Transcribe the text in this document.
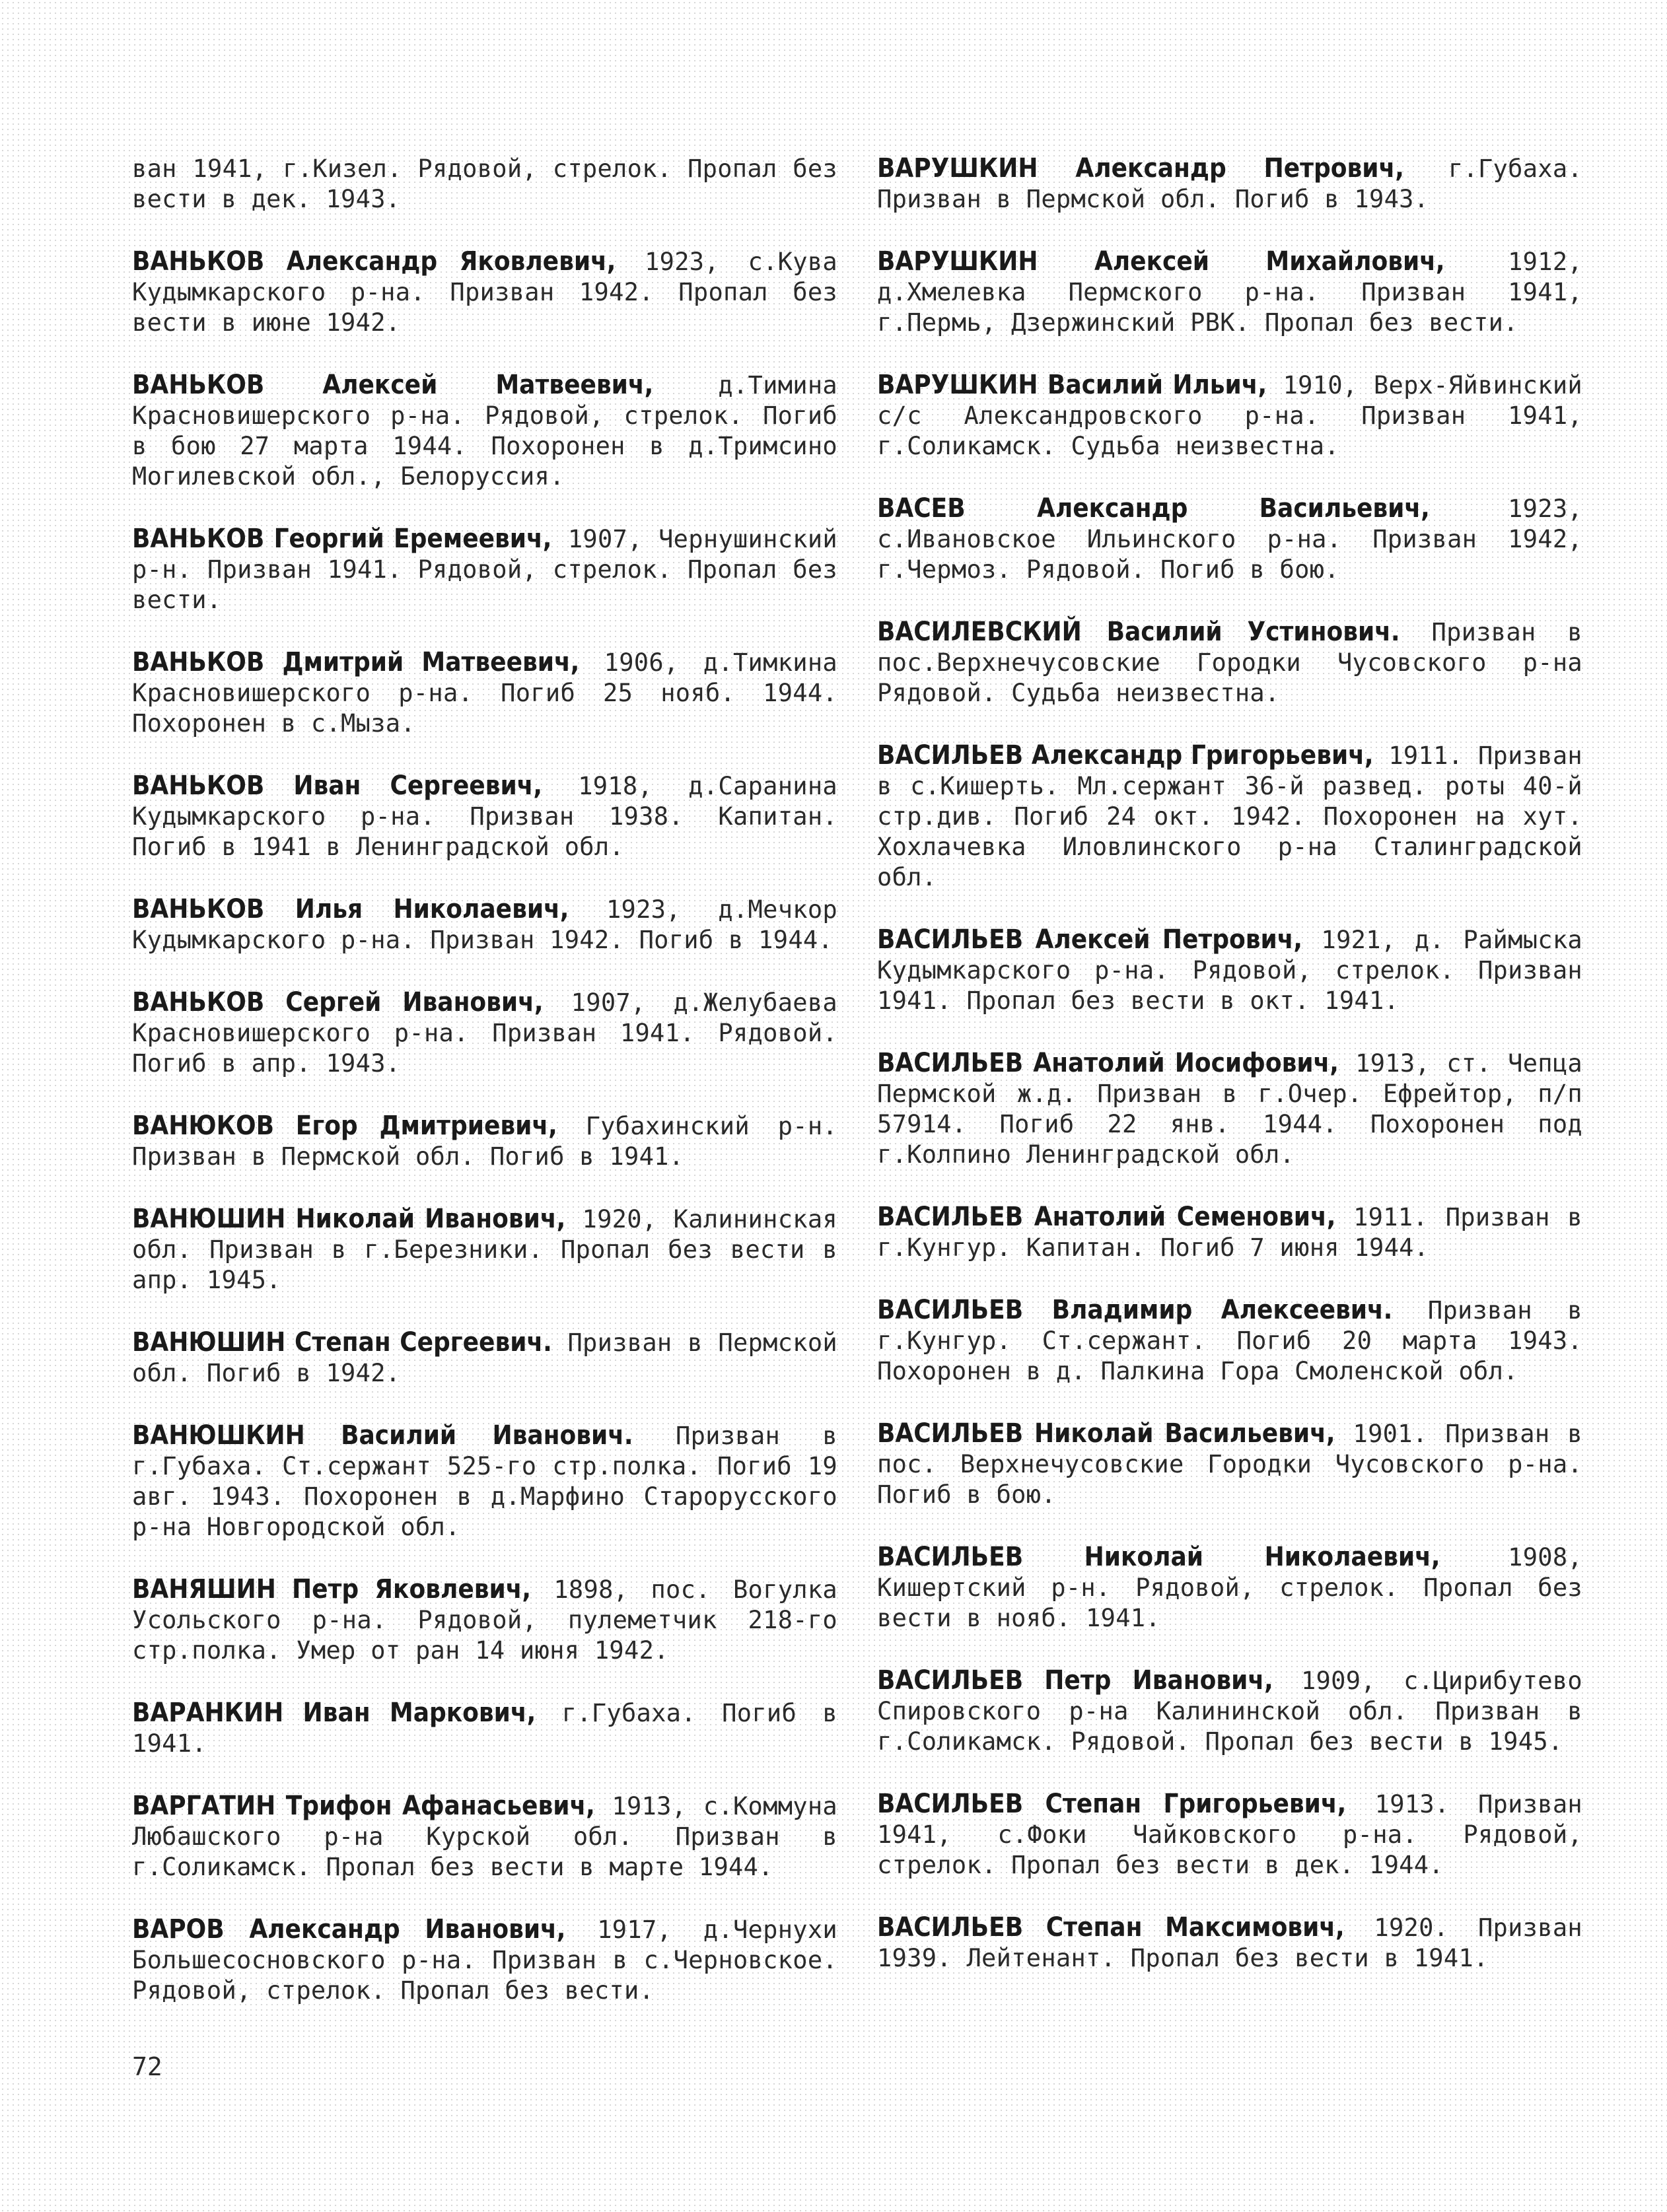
ван 1941, г.Кизел. Рядовой, стрелок. Пропал без вести в дек. 1943.

ВАНЬКОВ Александр Яковлевич, 1923, с.Кува Кудымкарского р-на. Призван 1942. Пропал без вести в июне 1942.

ВАНЬКОВ Алексей Матвеевич,	д.Тимина Красновишерского р-на. Рядовой, стрелок. Погиб в бою 27 марта 1944. Похоронен в д.Тримсино Могилевской обл., Белоруссия.

ВАНЬКОВ Георгий Еремеевич, 1907, Чернушинский р-н. Призван 1941. Рядовой, стрелок. Пропал без вести.

ВАНЬКОВ Дмитрий Матвеевич, 1906, д.Тимкина Красновишерского р-на. Погиб 25 нояб. 1944. Похоронен в с.Мыза.

ВАНЬКОВ Иван Сергеевич, 1918, д.Саранина Кудымкарского р-на. Призван 1938. Капитан. Погиб в 1941 в Ленинградской обл.

ВАНЬКОВ Илья Николаевич, 1923, д.Мечкор Кудымкарского р-на. Призван 1942. Погиб в 1944.

ВАНЬКОВ Сергей Иванович, 1907, д.Желубаева Красновишерского р-на. Призван 1941. Рядовой. Погиб в апр. 1943.

ВАНЮКОВ Егор Дмитриевич, Губахинский р-н. Призван в Пермской обл. Погиб в 1941.

ВАНЮШИН Николай Иванович, 1920, Калининская обл. Призван в г.Березники. Пропал без вести в апр. 1945.

ВАНЮШИН Степан Сергеевич. Призван в Пермской обл. Погиб в 1942.

ВАНЮШКИН Василий Иванович. Призван в г.Губаха. Ст.сержант 525-го стр.полка. Погиб 19 авг. 1943. Похоронен в д.Марфино Старорусского р-на Новгородской обл.

ВАНЯШИН Петр Яковлевич, 1898, пос. Вогулка Усольского р-на. Рядовой, пулеметчик 218-го стр.полка. Умер от ран 14 июня 1942.

ВАРАНКИН Иван Маркович, г.Губаха. Погиб в 1941.

ВАРГАТИН Трифон Афанасьевич, 1913, с.Коммуна Любашского р-на Курской обл. Призван в г.Соликамск. Пропал без вести в марте 1944.

ВАРОВ Александр Иванович, 1917, д.Чернухи Большесосновского р-на. Призван в с.Черновское. Рядовой, стрелок. Пропал без вести.

ВАРУШКИН Александр Петрович, г.Губаха. Призван в Пермской обл. Погиб в 1943.

ВАРУШКИН Алексей Михайлович,	1912, д.Хмелевка Пермского р-на. Призван 1941, г.Пермь, Дзержинский РВК. Пропал без вести.

ВАРУШКИН Василий Ильич, 1910, Верх-Яйвинский с/с Александровского р-на. Призван 1941, г.Соликамск. Судьба неизвестна.

ВАСЕВ Александр Васильевич,	1923, с.Ивановское Ильинского р-на. Призван 1942, г.Чермоз. Рядовой. Погиб в бою.

ВАСИЛЕВСКИЙ Василий Устинович. Призван в пос.Верхнечусовские Городки Чусовского р-на Рядовой. Судьба неизвестна.

ВАСИЛЬЕВ Александр Григорьевич, 1911. Призван в с.Кишерть. Мл.сержант 36-й развед. роты 40-й стр.див. Погиб 24 окт. 1942. Похоронен на хут. Хохлачевка Иловлинского р-на Сталинградской обл.

ВАСИЛЬЕВ Алексей Петрович, 1921, д. Раймыска Кудымкарского р-на. Рядовой, стрелок. Призван 1941. Пропал без вести в окт. 1941.

ВАСИЛЬЕВ Анатолий Иосифович, 1913, ст. Чепца Пермской ж.д. Призван в г.Очер. Ефрейтор, п/п 57914. Погиб 22 янв. 1944. Похоронен под г.Колпино Ленинградской обл.

ВАСИЛЬЕВ Анатолий Семенович, 1911. Призван в г.Кунгур. Капитан. Погиб 7 июня 1944.

ВАСИЛЬЕВ Владимир Алексеевич. Призван в г.Кунгур. Ст.сержант. Погиб 20 марта 1943. Похоронен в д. Палкина Гора Смоленской обл.

ВАСИЛЬЕВ Николай Васильевич, 1901. Призван в пос. Верхнечусовские Городки Чусовского р-на. Погиб в бою.

ВАСИЛЬЕВ Николай Николаевич,	1908, Кишертский р-н. Рядовой, стрелок. Пропал без вести в нояб. 1941.

ВАСИЛЬЕВ Петр Иванович, 1909, с.Цирибутево Спировского р-на Калининской обл. Призван в г.Соликамск. Рядовой. Пропал без вести в 1945.

ВАСИЛЬЕВ Степан Григорьевич, 1913. Призван 1941, с.Фоки Чайковского р-на. Рядовой, стрелок. Пропал без вести в дек. 1944.

ВАСИЛЬЕВ Степан Максимович, 1920. Призван 1939. Лейтенант. Пропал без вести в 1941.

72
